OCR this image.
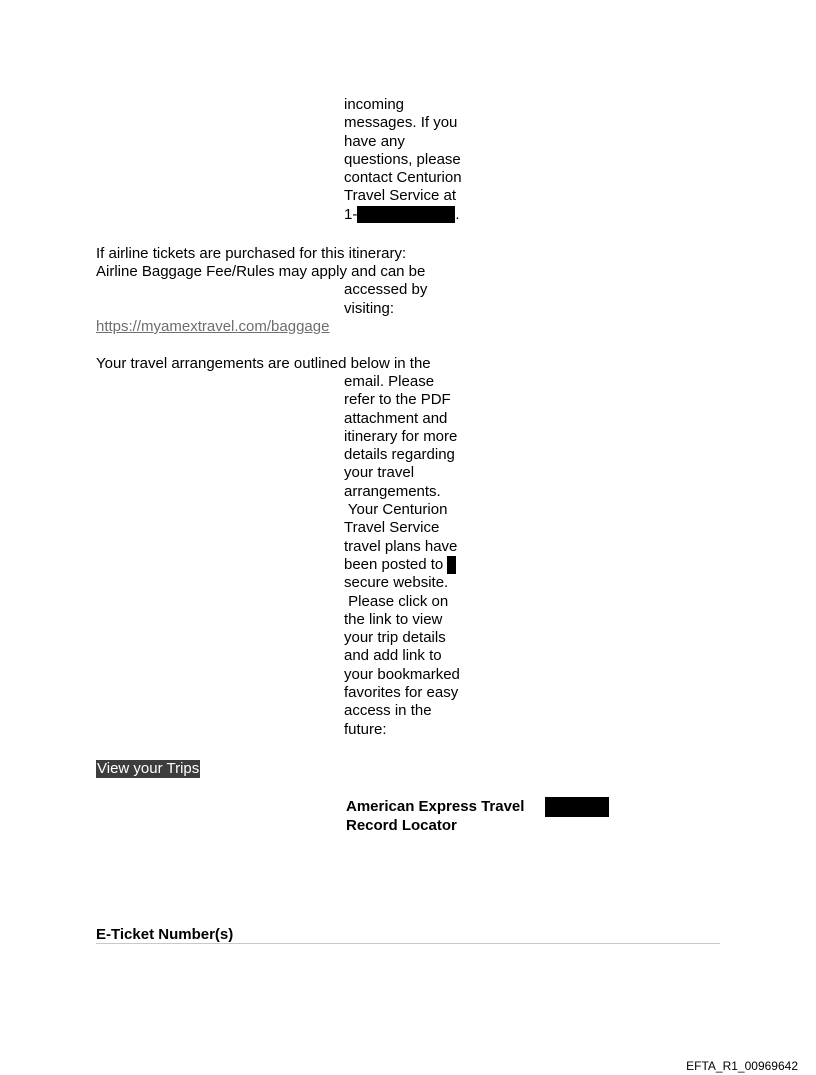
incoming
messages. If you
have any
questions, please
contact Centurion
Travel Service at
1-	.
If airline tickets are purchased for this itinerary:
Airline Baggage Fee/Rules may apply and can be
accessed by
visiting:
https://myamextravel.com/baggage
Your travel arrangements are outlined below in the
email. Please
refer to the PDF
attachment and
itinerary for more
details regarding
your travel
arrangements.
Your Centurion
Travel Service
travel plans have
been posted to
secure website.
Please click on
the link to view
your trip details
and add link to
your bookmarked
favorites for easy
access in the
future:
View your Trips
American Express Travel
Record Locator
E-Ticket Number(s)
EFTA_R1_00969642
